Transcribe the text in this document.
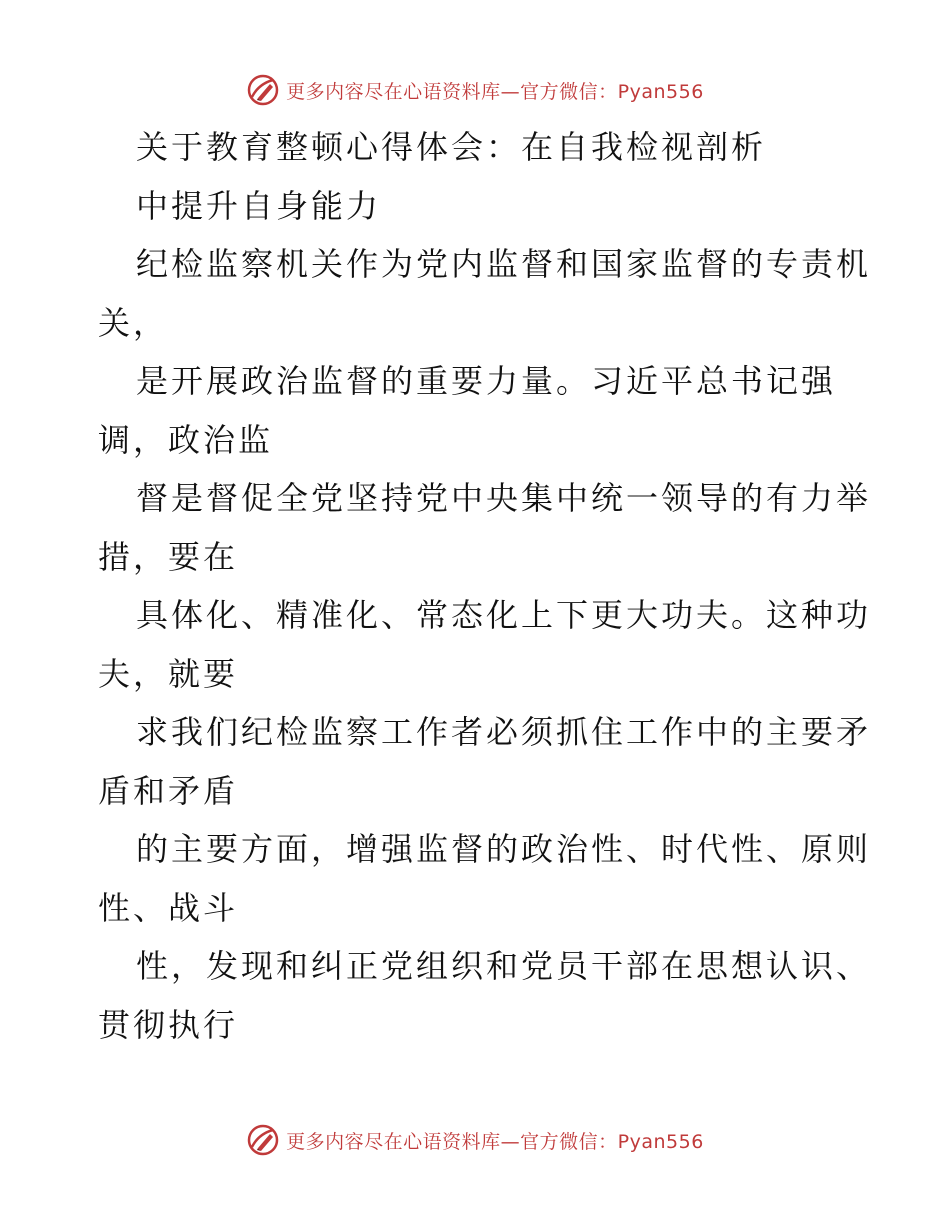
更多内容尽在心语资料库—官方微信：Pyan556

关于教育整顿心得体会：在自我检视剖析

中提升自身能力

纪检监察机关作为党内监督和国家监督的专责机

关，

是开展政治监督的重要力量。习近平总书记强

调，政治监

督是督促全党坚持党中央集中统一领导的有力举

措，要在

具体化、精准化、常态化上下更大功夫。这种功

夫，就要

求我们纪检监察工作者必须抓住工作中的主要矛

盾和矛盾

的主要方面，增强监督的政治性、时代性、原则

性、战斗

性，发现和纠正党组织和党员干部在思想认识、

贯彻执行

更多内容尽在心语资料库—官方微信：Pyan556
